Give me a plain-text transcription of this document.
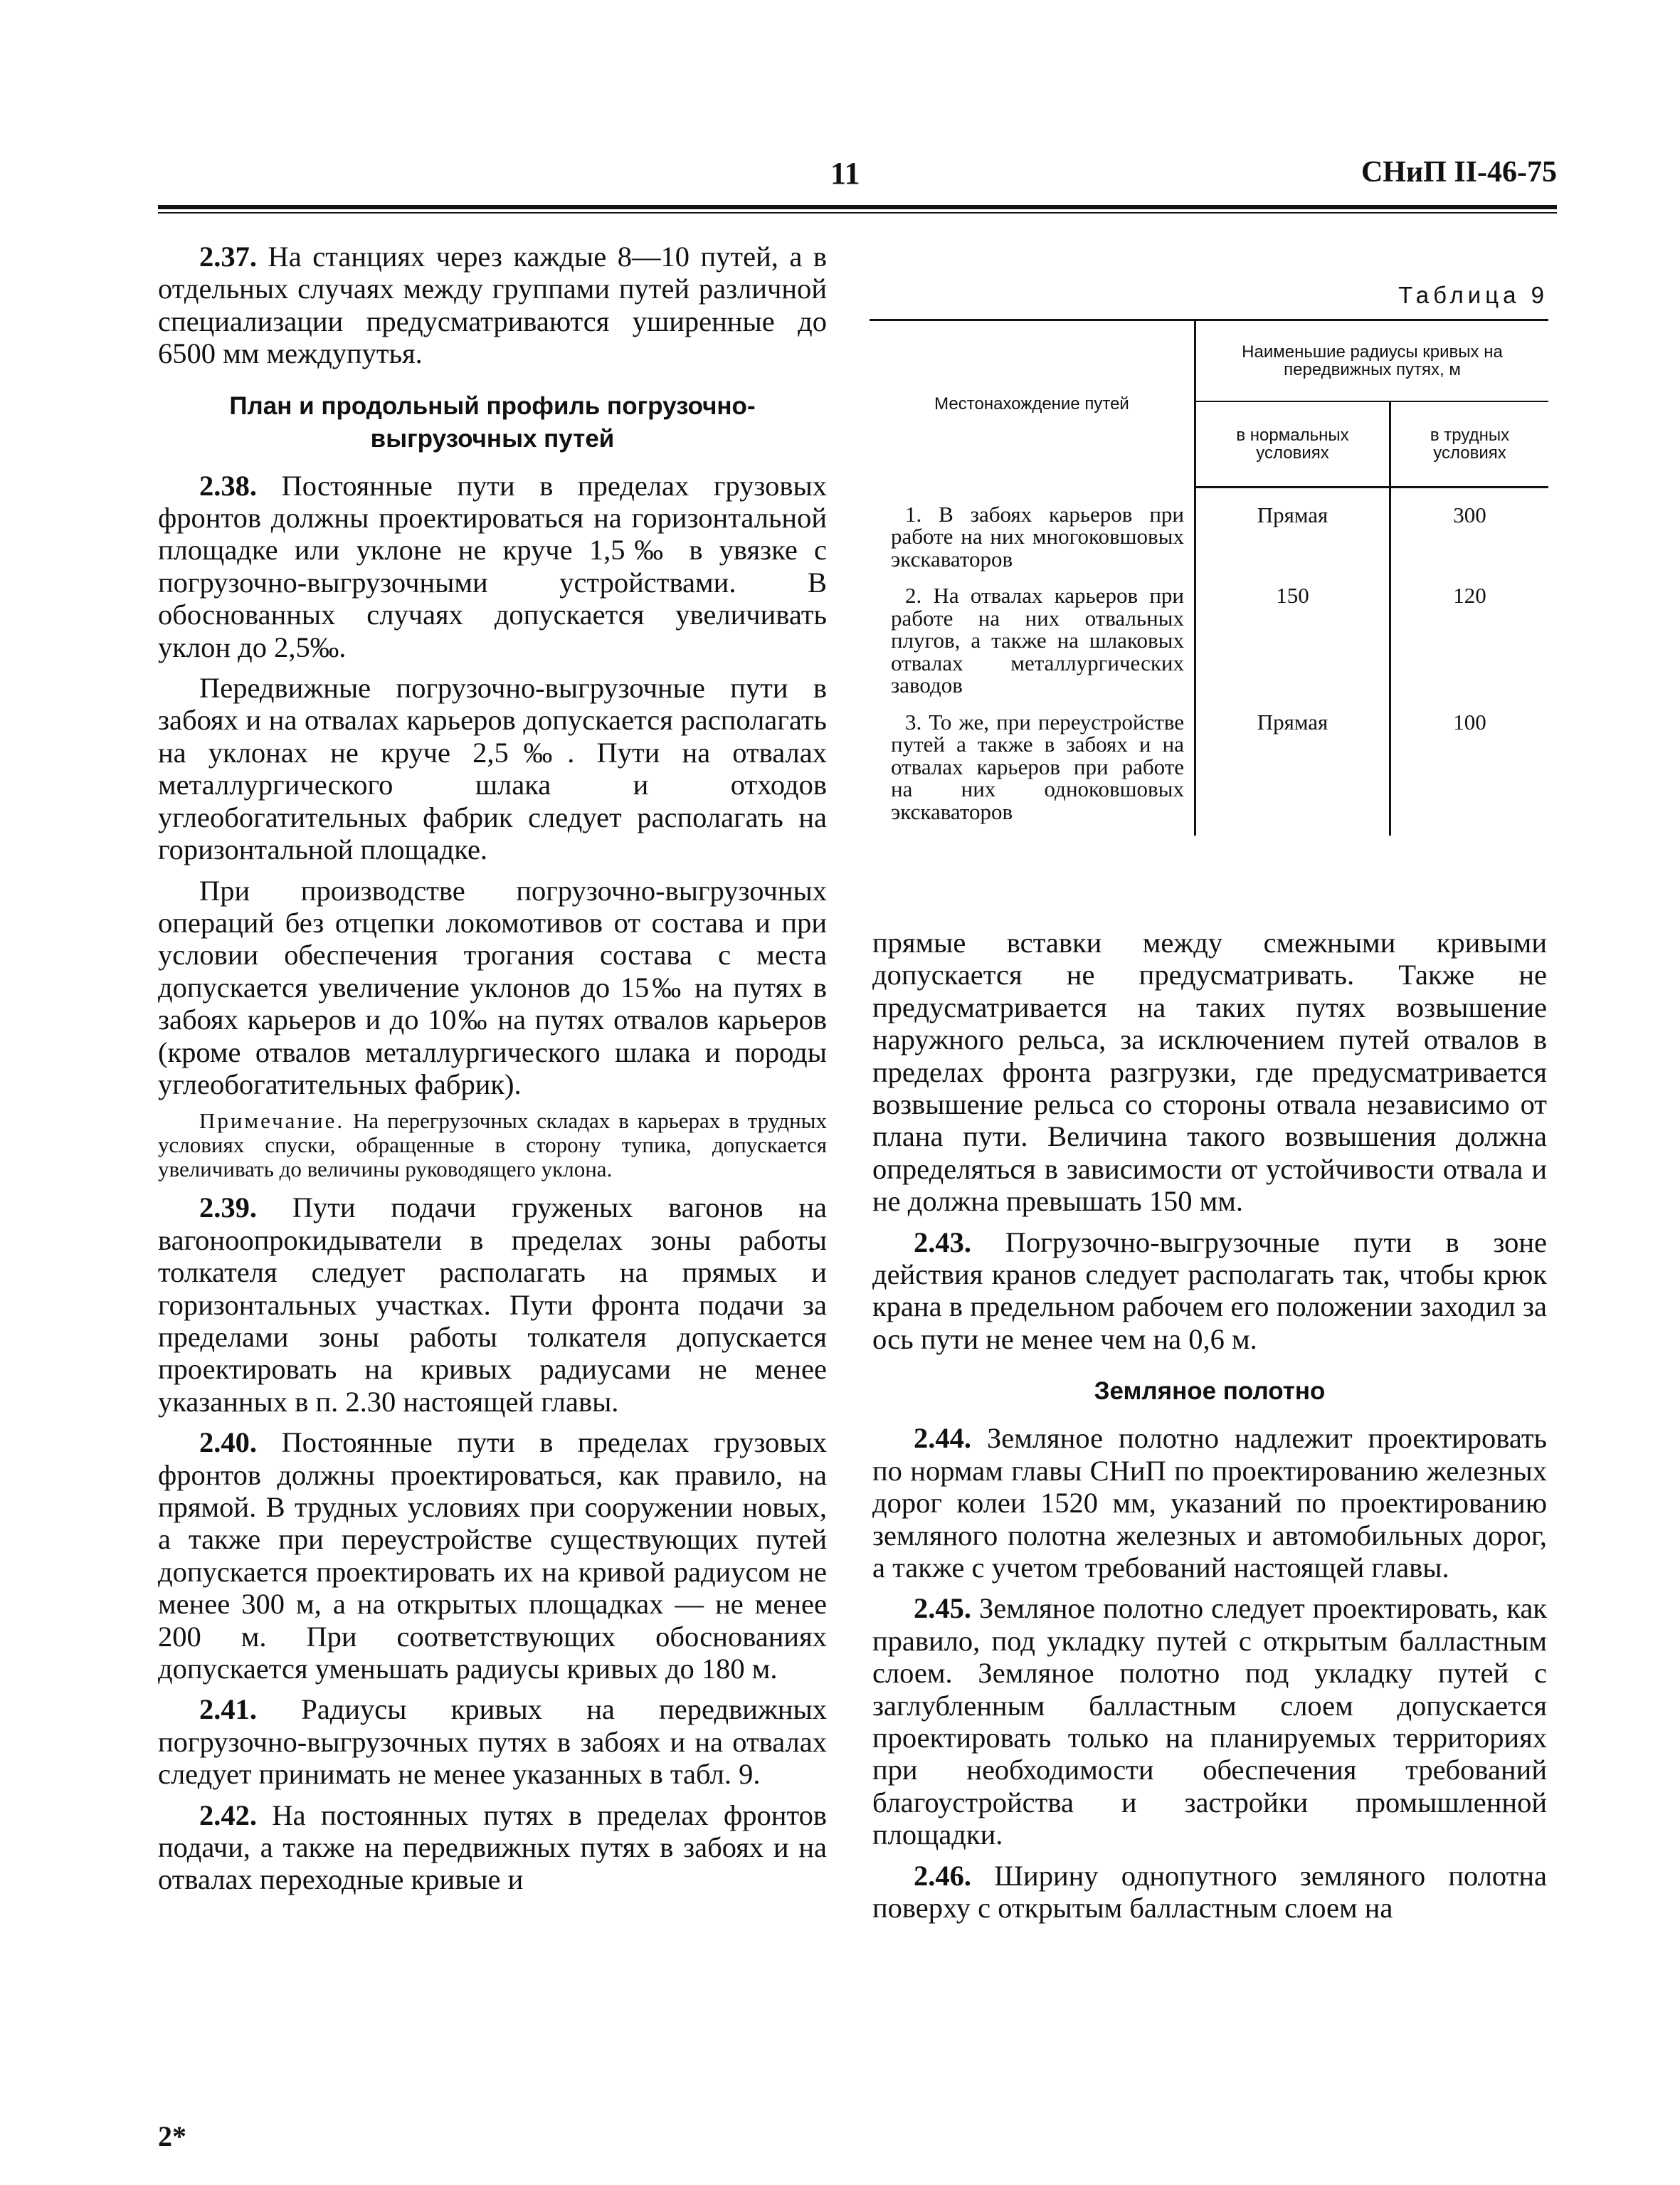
11	СНиП II-46-75

2.37. На станциях через каждые 8—10 путей, а в отдельных случаях между группами путей различной специализации предусматриваются уширенные до 6500 мм междупутья.

План и продольный профиль погрузочно-выгрузочных путей

2.38. Постоянные пути в пределах грузовых фронтов должны проектироваться на горизонтальной площадке или уклоне не круче 1,5‰ в увязке с погрузочно-выгрузочными устройствами. В обоснованных случаях допускается увеличивать уклон до 2,5‰.

Передвижные погрузочно-выгрузочные пути в забоях и на отвалах карьеров допускается располагать на уклонах не круче 2,5‰. Пути на отвалах металлургического шлака и отходов углеобогатительных фабрик следует располагать на горизонтальной площадке.

При производстве погрузочно-выгрузочных операций без отцепки локомотивов от состава и при условии обеспечения трогания состава с места допускается увеличение уклонов до 15‰ на путях в забоях карьеров и до 10‰ на путях отвалов карьеров (кроме отвалов металлургического шлака и породы углеобогатительных фабрик).

Примечание. На перегрузочных складах в карьерах в трудных условиях спуски, обращенные в сторону тупика, допускается увеличивать до величины руководящего уклона.

2.39. Пути подачи груженых вагонов на вагоноопрокидыватели в пределах зоны работы толкателя следует располагать на прямых и горизонтальных участках. Пути фронта подачи за пределами зоны работы толкателя допускается проектировать на кривых радиусами не менее указанных в п. 2.30 настоящей главы.

2.40. Постоянные пути в пределах грузовых фронтов должны проектироваться, как правило, на прямой. В трудных условиях при сооружении новых, а также при переустройстве существующих путей допускается проектировать их на кривой радиусом не менее 300 м, а на открытых площадках — не менее 200 м. При соответствующих обоснованиях допускается уменьшать радиусы кривых до 180 м.

2.41. Радиусы кривых на передвижных погрузочно-выгрузочных путях в забоях и на отвалах следует принимать не менее указанных в табл. 9.

2.42. На постоянных путях в пределах фронтов подачи, а также на передвижных путях в забоях и на отвалах переходные кривые и

2*
Таблица 9
Местонахождение путей	Наименьшие радиусы кривых на передвижных путях, м	
	в нормальных условиях	в трудных условиях

1. В забоях карьеров при работе на них многоковшовых экскаваторов	Прямая	300

2. На отвалах карьеров при работе на них отвальных плугов, а также на шлаковых отвалах металлургических заводов	150	120

3. То же, при переустройстве путей а также в забоях и на отвалах карьеров при работе на них одноковшовых экскаваторов	Прямая	100

прямые вставки между смежными кривыми допускается не предусматривать. Также не предусматривается на таких путях возвышение наружного рельса, за исключением путей отвалов в пределах фронта разгрузки, где предусматривается возвышение рельса со стороны отвала независимо от плана пути. Величина такого возвышения должна определяться в зависимости от устойчивости отвала и не должна превышать 150 мм.

2.43. Погрузочно-выгрузочные пути в зоне действия кранов следует располагать так, чтобы крюк крана в предельном рабочем его положении заходил за ось пути не менее чем на 0,6 м.

Земляное полотно

2.44. Земляное полотно надлежит проектировать по нормам главы СНиП по проектированию железных дорог колеи 1520 мм, указаний по проектированию земляного полотна железных и автомобильных дорог, а также с учетом требований настоящей главы.

2.45. Земляное полотно следует проектировать, как правило, под укладку путей с открытым балластным слоем. Земляное полотно под укладку путей с заглубленным балластным слоем допускается проектировать только на планируемых территориях при необходимости обеспечения требований благоустройства и застройки промышленной площадки.

2.46. Ширину однопутного земляного полотна поверху с открытым балластным слоем на
